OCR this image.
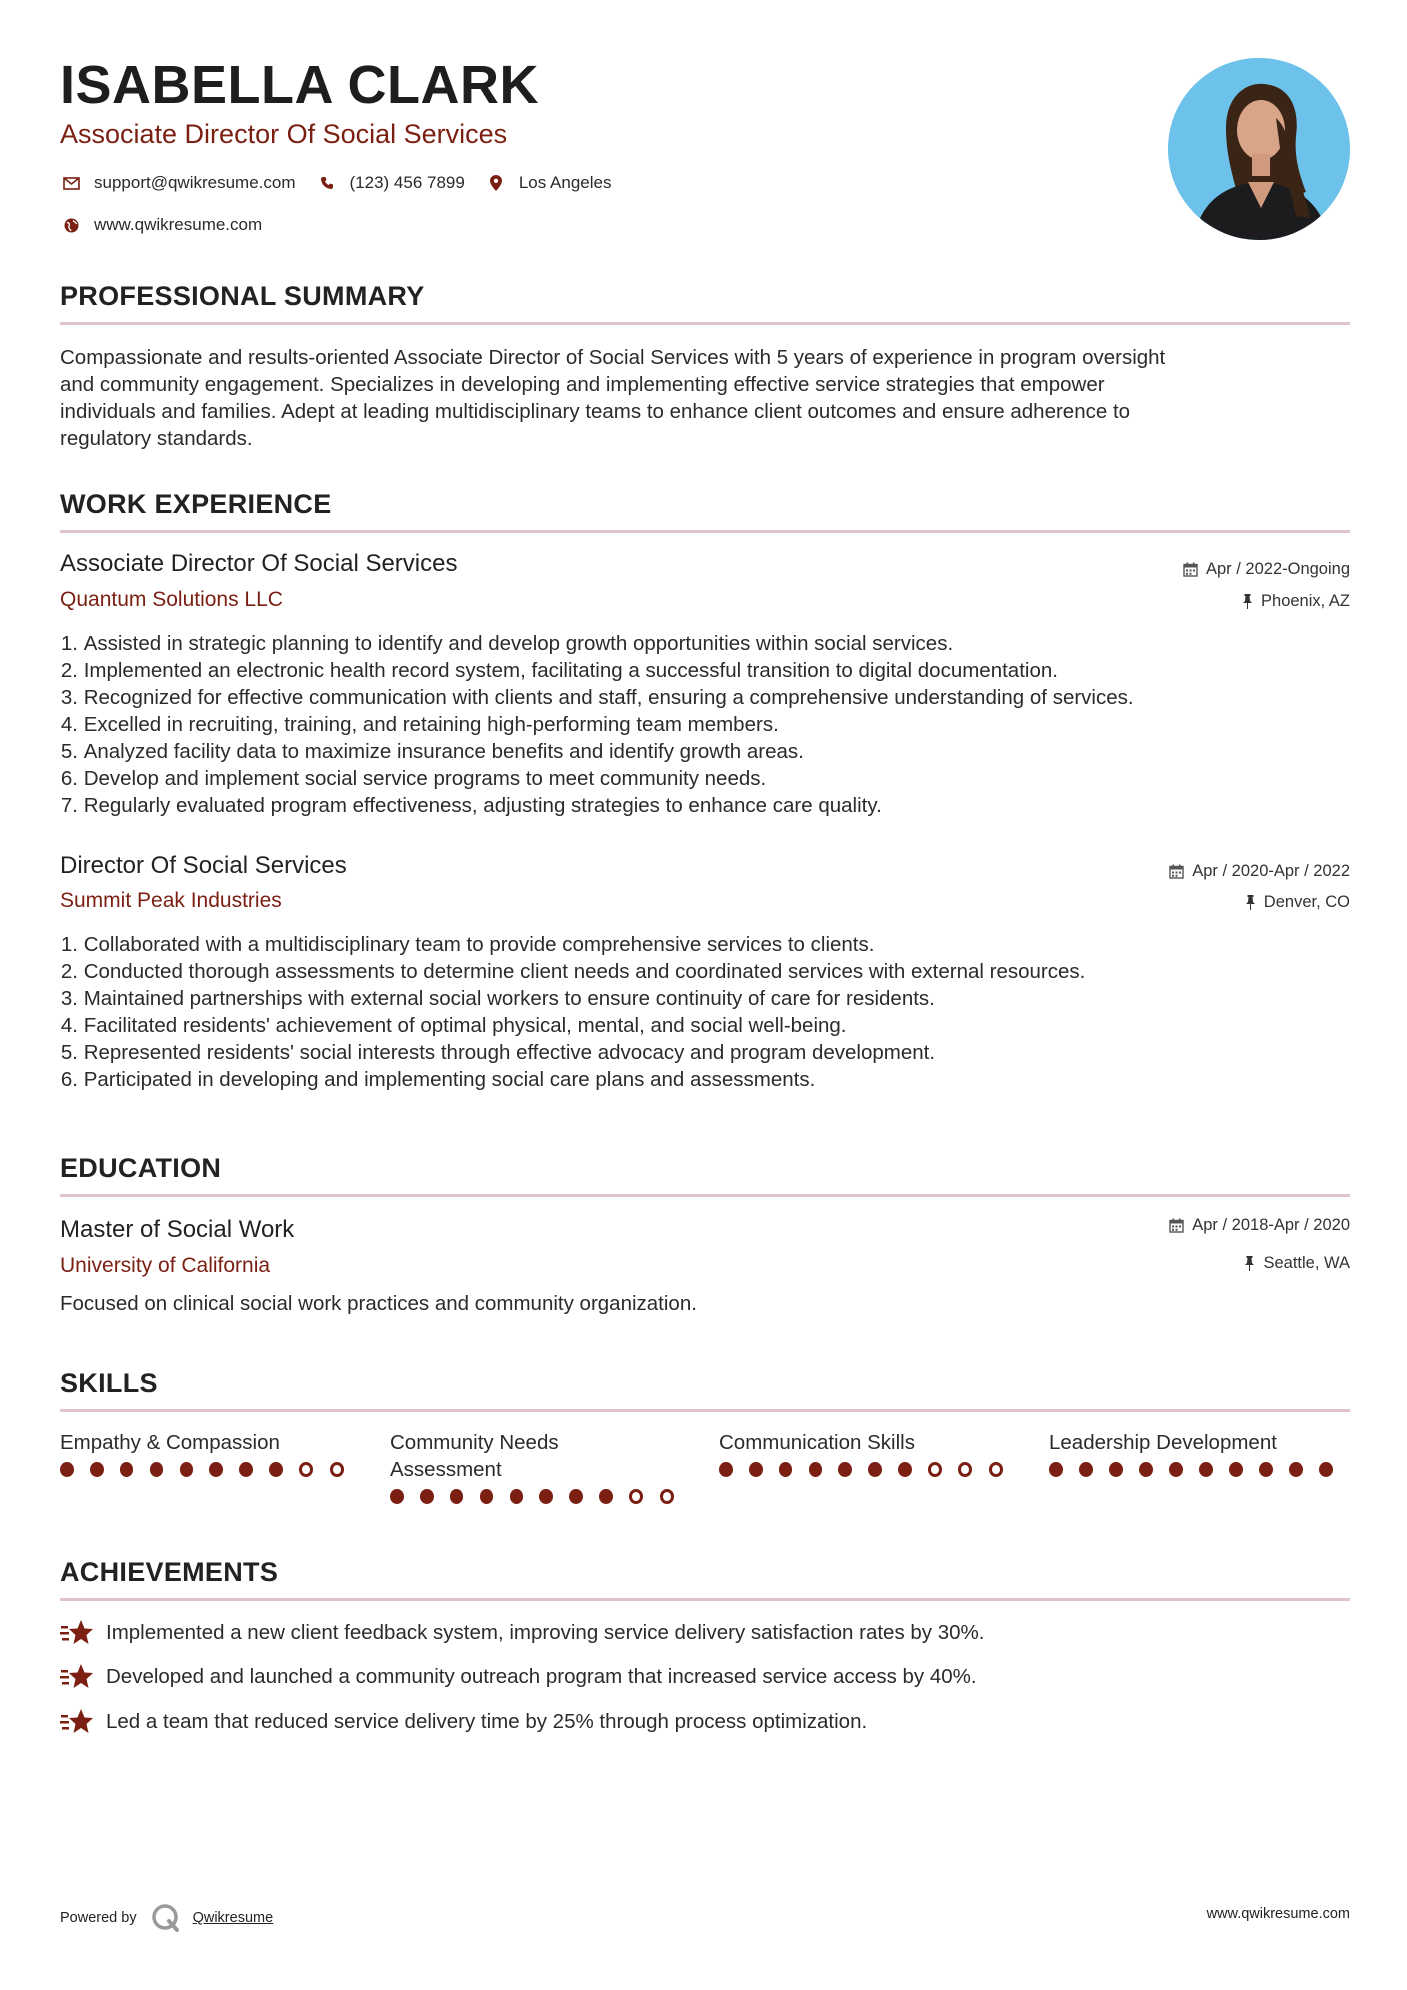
ISABELLA CLARK
Associate Director Of Social Services
support@qwikresume.com	(123) 456 7899	Los Angeles
www.qwikresume.com
PROFESSIONAL SUMMARY
Compassionate and results-oriented Associate Director of Social Services with 5 years of experience in program oversight
and community engagement. Specializes in developing and implementing effective service strategies that empower
individuals and families. Adept at leading multidisciplinary teams to enhance client outcomes and ensure adherence to
regulatory standards.
WORK EXPERIENCE
Associate Director Of Social Services
Quantum Solutions LLC
Apr / 2022-Ongoing
Phoenix, AZ
1.
Assisted in strategic planning to identify and develop growth opportunities within social services.
2.
Implemented an electronic health record system, facilitating a successful transition to digital documentation.
3.
Recognized for effective communication with clients and staff, ensuring a comprehensive understanding of services.
4.
Excelled in recruiting, training, and retaining high-performing team members.
5.
Analyzed facility data to maximize insurance benefits and identify growth areas.
6.
Develop and implement social service programs to meet community needs.
7.
Regularly evaluated program effectiveness, adjusting strategies to enhance care quality.
Director Of Social Services
Summit Peak Industries
Apr / 2020-Apr / 2022
Denver, CO
1.
Collaborated with a multidisciplinary team to provide comprehensive services to clients.
2.
Conducted thorough assessments to determine client needs and coordinated services with external resources.
3.
Maintained partnerships with external social workers to ensure continuity of care for residents.
4.
Facilitated residents' achievement of optimal physical, mental, and social well-being.
5.
Represented residents' social interests through effective advocacy and program development.
6.
Participated in developing and implementing social care plans and assessments.
EDUCATION
Master of Social Work
University of California
Apr / 2018-Apr / 2020
Seattle, WA
Focused on clinical social work practices and community organization.
SKILLS
Empathy & Compassion	Community Needs
Assessment
Communication Skills	Leadership Development
ACHIEVEMENTS
Implemented a new client feedback system, improving service delivery satisfaction rates by 30%.
Developed and launched a community outreach program that increased service access by 40%.
Led a team that reduced service delivery time by 25% through process optimization.
Powered by	Qwikresume	www.qwikresume.com
